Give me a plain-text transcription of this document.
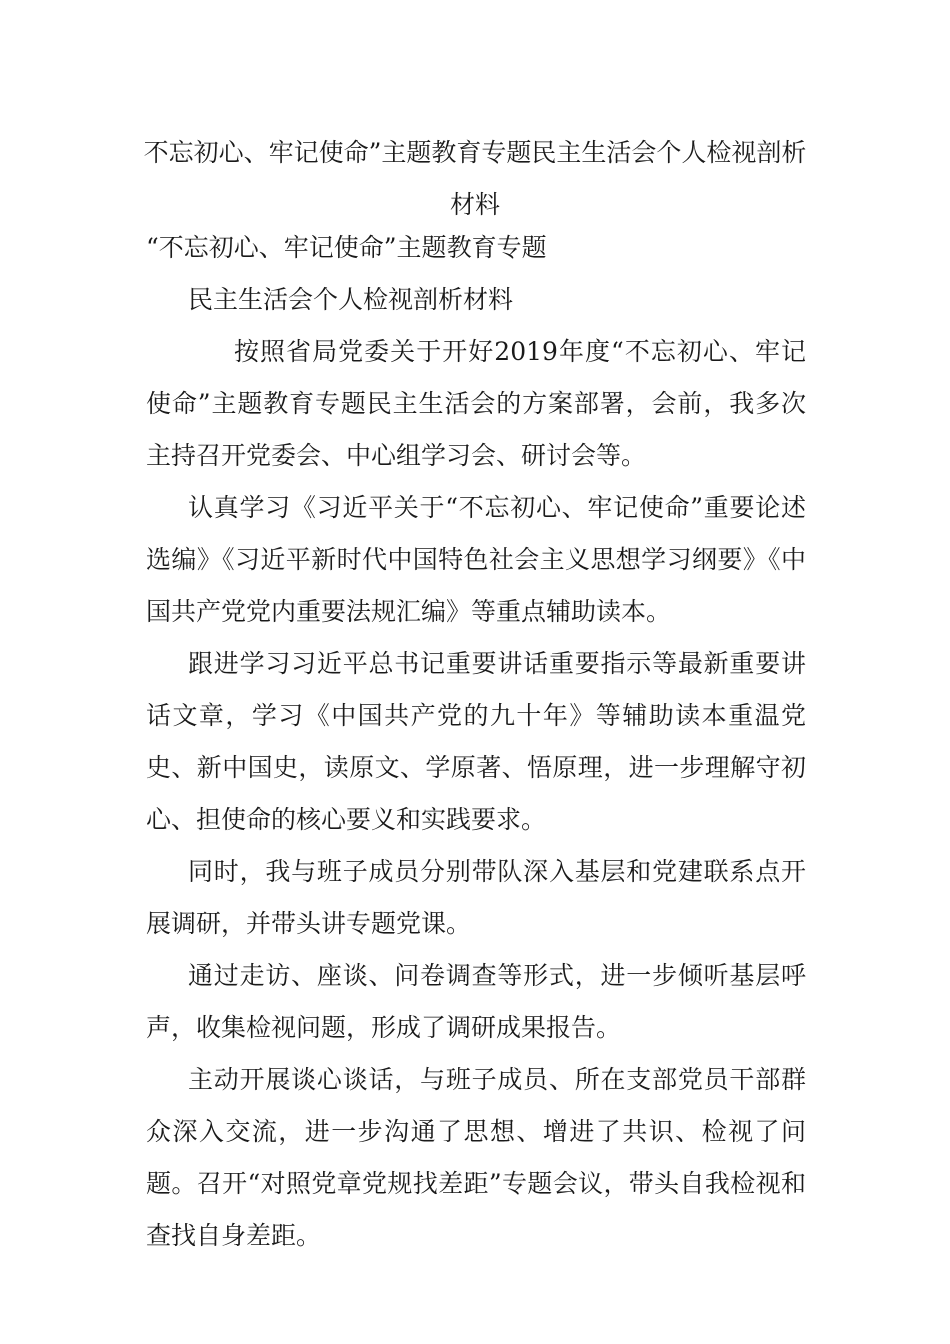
不忘初心、牢记使命”主题教育专题民主生活会个人检视剖析材料

“不忘初心、牢记使命”主题教育专题

民主生活会个人检视剖析材料

按照省局党委关于开好2019年度“不忘初心、牢记使命”主题教育专题民主生活会的方案部署，会前，我多次主持召开党委会、中心组学习会、研讨会等。

认真学习《习近平关于“不忘初心、牢记使命”重要论述选编》《习近平新时代中国特色社会主义思想学习纲要》《中国共产党党内重要法规汇编》等重点辅助读本。

跟进学习习近平总书记重要讲话重要指示等最新重要讲话文章，学习《中国共产党的九十年》等辅助读本重温党史、新中国史，读原文、学原著、悟原理，进一步理解守初心、担使命的核心要义和实践要求。

同时，我与班子成员分别带队深入基层和党建联系点开展调研，并带头讲专题党课。

通过走访、座谈、问卷调查等形式，进一步倾听基层呼声，收集检视问题，形成了调研成果报告。

主动开展谈心谈话，与班子成员、所在支部党员干部群众深入交流，进一步沟通了思想、增进了共识、检视了问题。召开“对照党章党规找差距”专题会议，带头自我检视和查找自身差距。
